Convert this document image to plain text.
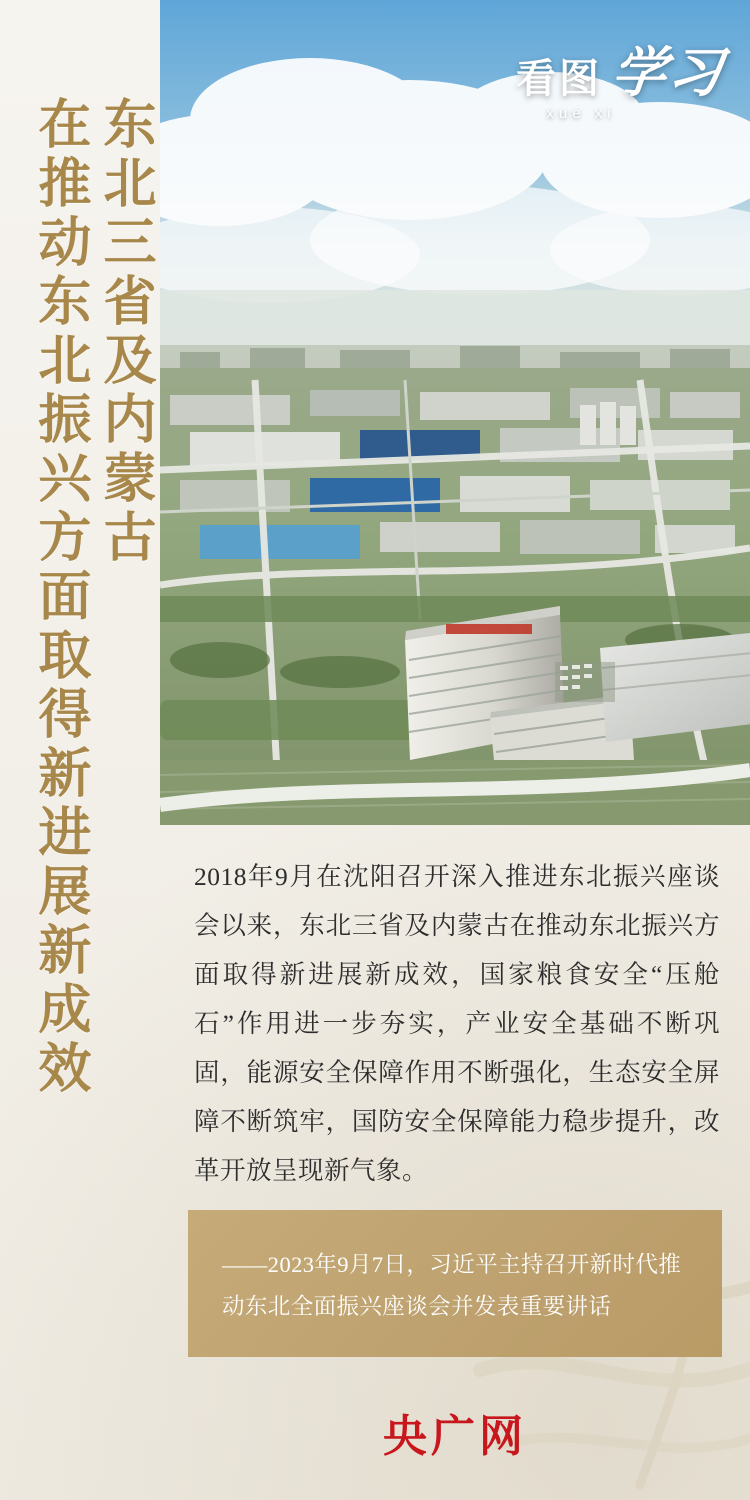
东北三省及内蒙古
在推动东北振兴方面取得新进展新成效
看图 学习
xue xi
2018年9月在沈阳召开深入推进东北振兴座谈会以来，东北三省及内蒙古在推动东北振兴方面取得新进展新成效，国家粮食安全“压舱石”作用进一步夯实，产业安全基础不断巩固，能源安全保障作用不断强化，生态安全屏障不断筑牢，国防安全保障能力稳步提升，改革开放呈现新气象。
——2023年9月7日，习近平主持召开新时代推动东北全面振兴座谈会并发表重要讲话
央广网
